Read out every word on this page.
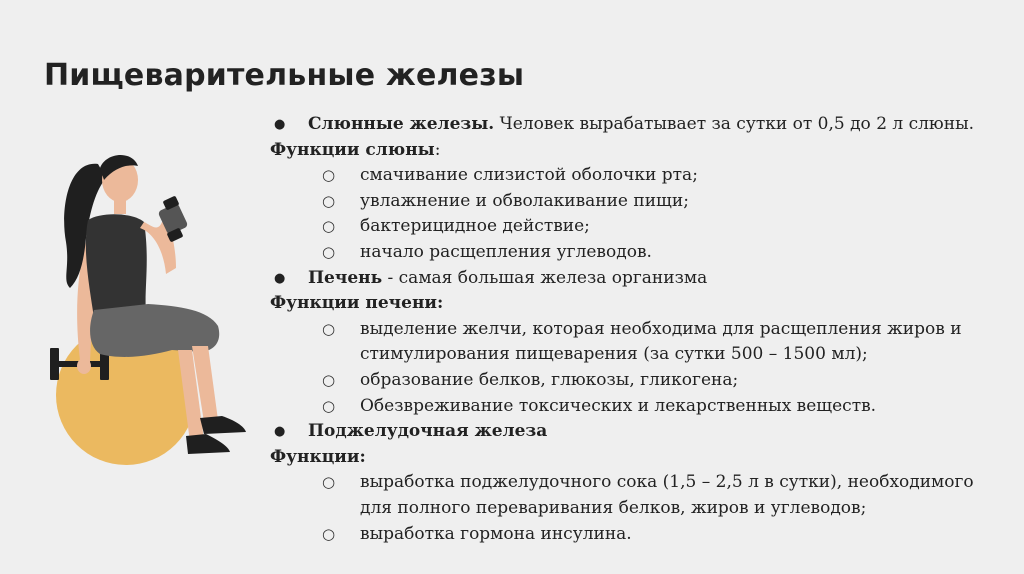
Пищеварительные железы
● Слюнные железы. Человек вырабатывает за сутки от 0,5 до 2 л слюны.
Функции слюны:
○ смачивание слизистой оболочки рта;
○ увлажнение и обволакивание пищи;
○ бактерицидное действие;
○ начало расщепления углеводов.
● Печень - самая большая железа организма
Функции печени:
○ выделение желчи, которая необходима для расщепления жиров и
стимулирования пищеварения (за сутки 500 – 1500 мл);
○ образование белков, глюкозы, гликогена;
○ Обезвреживание токсических и лекарственных веществ.
● Поджелудочная железа
Функции:
○ выработка поджелудочного сока (1,5 – 2,5 л в сутки), необходимого
для полного переваривания белков, жиров и углеводов;
○ выработка гормона инсулина.
